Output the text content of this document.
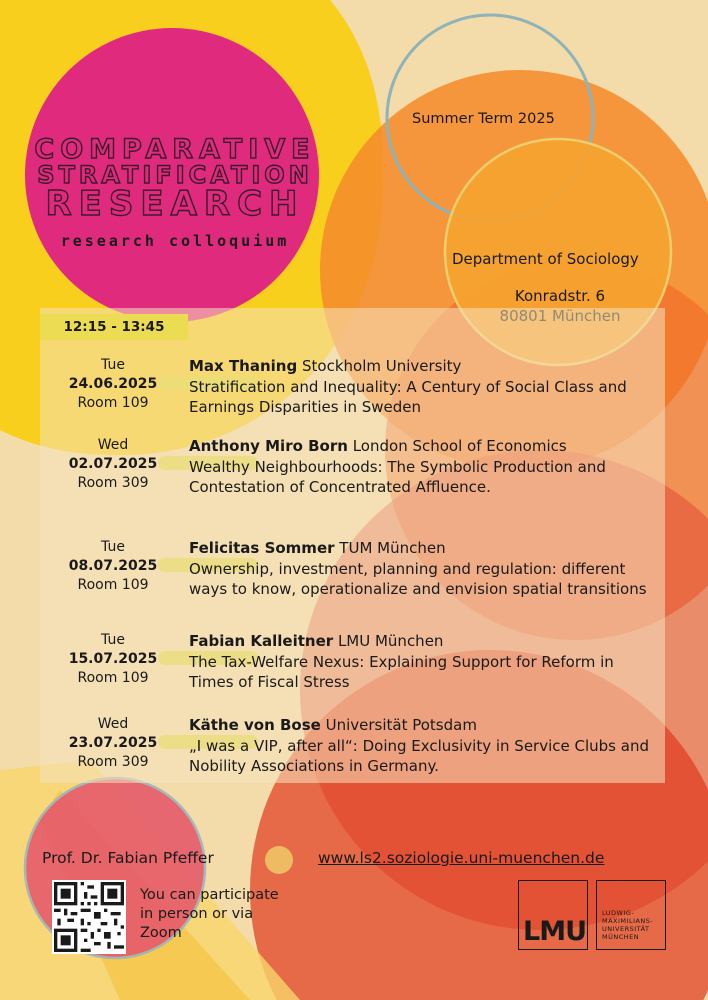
COMPARATIVE
STRATIFICATION
RESEARCH
research colloquium
Summer Term 2025
Department of Sociology
Konradstr. 6
12:15 - 13:45
Tue
24.06.2025
Room 109
Max Thaning Stockholm University
Stratification and Inequality: A Century of Social Class and Earnings Disparities in Sweden
Wed
02.07.2025
Room 309
Anthony Miro Born London School of Economics
Wealthy Neighbourhoods: The Symbolic Production and Contestation of Concentrated Affluence.
Tue
08.07.2025
Room 109
Felicitas Sommer TUM München
Ownership, investment, planning and regulation: different ways to know, operationalize and envision spatial transitions
Tue
15.07.2025
Room 109
Fabian Kalleitner LMU München
The Tax-Welfare Nexus: Explaining Support for Reform in Times of Fiscal Stress
Wed
23.07.2025
Room 309
Käthe von Bose Universität Potsdam
„I was a VIP, after all“: Doing Exclusivity in Service Clubs and Nobility Associations in Germany.
Prof. Dr. Fabian Pfeffer	www.ls2.soziologie.uni-muenchen.de
You can participate in person or via Zoom	LMU
LUDWIG-
MAXIMILIANS-
UNIVERSITÄT
MÜNCHEN
